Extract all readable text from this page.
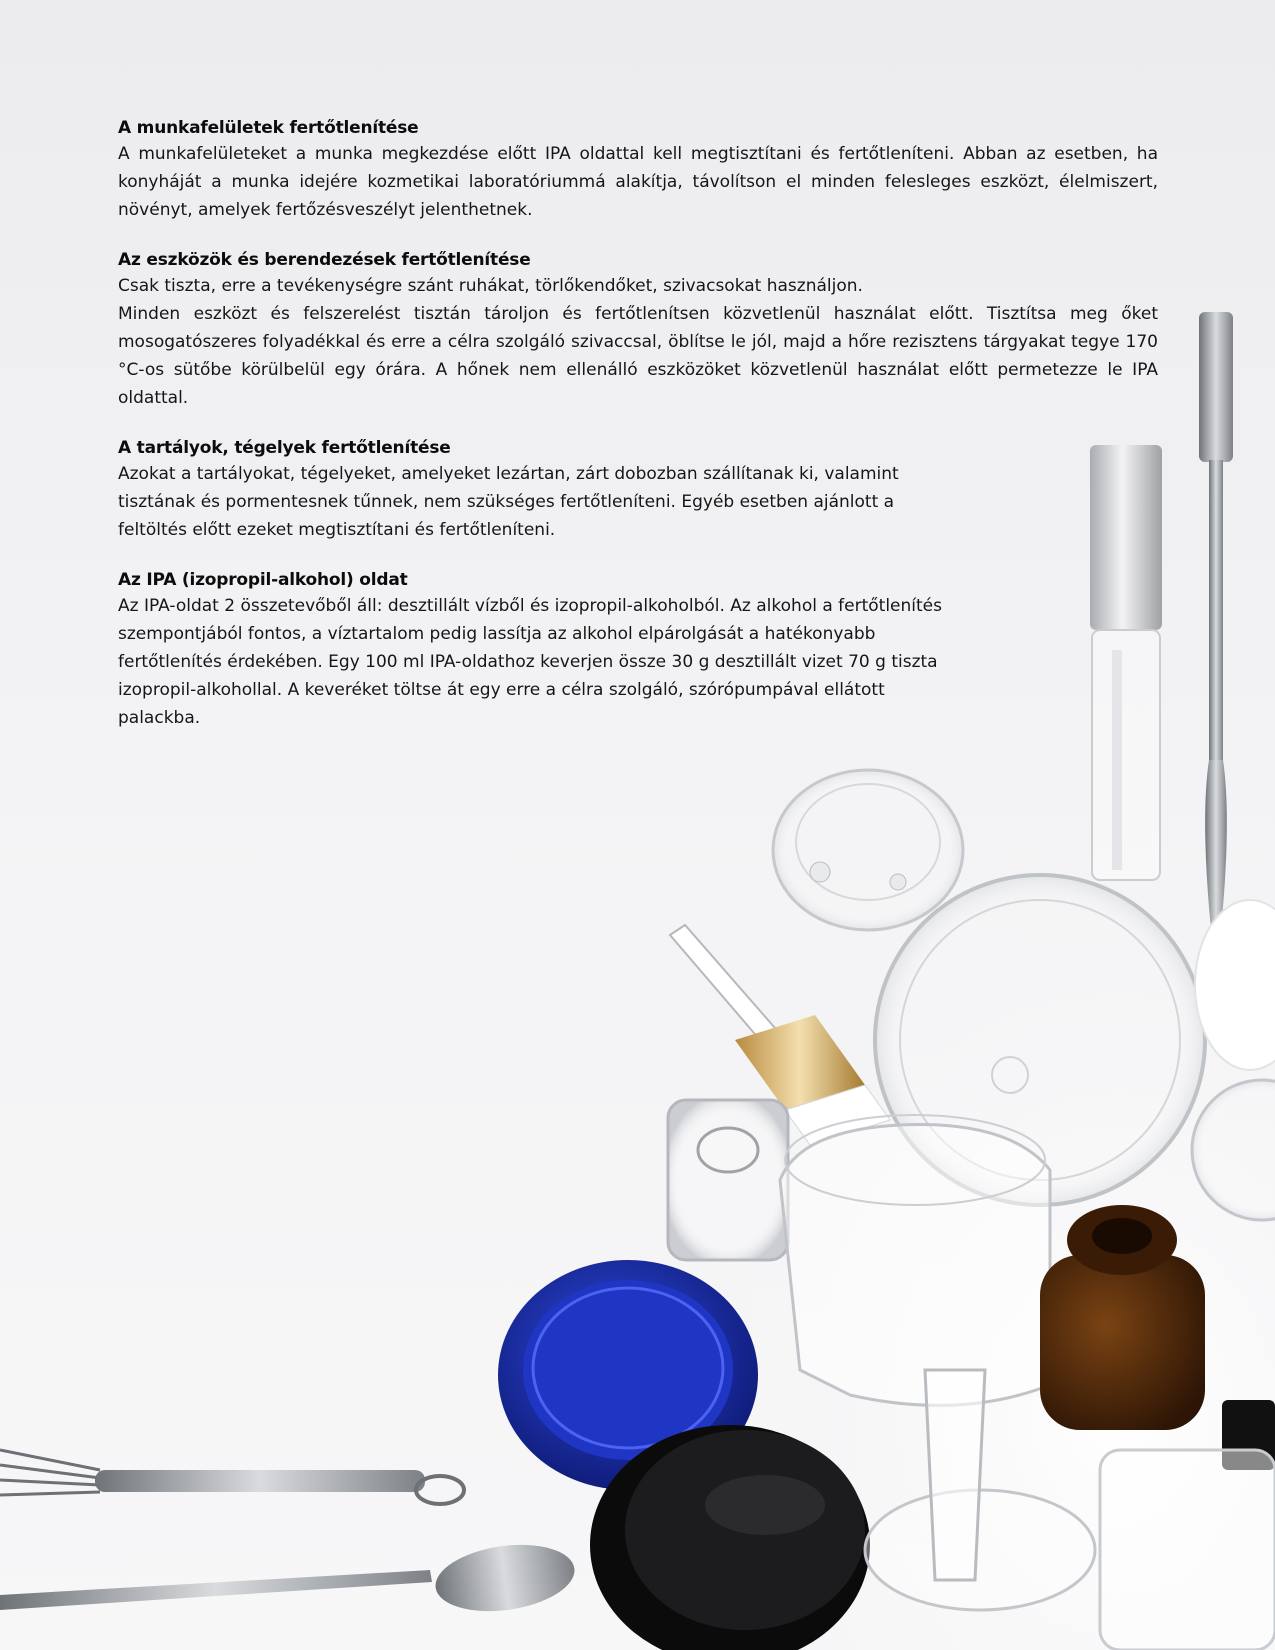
A munkafelületek fertőtlenítése

A munkafelületeket a munka megkezdése előtt IPA oldattal kell megtisztítani és fertőtleníteni. Abban az esetben, ha konyháját a munka idejére kozmetikai laboratóriummá alakítja, távolítson el minden felesleges eszközt, élelmiszert, növényt, amelyek fertőzésveszélyt jelenthetnek.

Az eszközök és berendezések fertőtlenítése

Csak tiszta, erre a tevékenységre szánt ruhákat, törlőkendőket, szivacsokat használjon.

Minden eszközt és felszerelést tisztán tároljon és fertőtlenítsen közvetlenül használat előtt. Tisztítsa meg őket mosogatószeres folyadékkal és erre a célra szolgáló szivaccsal, öblítse le jól, majd a hőre rezisztens tárgyakat tegye 170 °C-os sütőbe körülbelül egy órára. A hőnek nem ellenálló eszközöket közvetlenül használat előtt permetezze le IPA oldattal.

A tartályok, tégelyek fertőtlenítése

Azokat a tartályokat, tégelyeket, amelyeket lezártan, zárt dobozban szállítanak ki, valamint tisztának és pormentesnek tűnnek, nem szükséges fertőtleníteni. Egyéb esetben ajánlott a feltöltés előtt ezeket megtisztítani és fertőtleníteni.

Az IPA (izopropil-alkohol) oldat

Az IPA-oldat 2 összetevőből áll: desztillált vízből és izopropil-alkoholból. Az alkohol a fertőtlenítés szempontjából fontos, a víztartalom pedig lassítja az alkohol elpárolgását a hatékonyabb fertőtlenítés érdekében. Egy 100 ml IPA-oldathoz keverjen össze 30 g desztillált vizet 70 g tiszta izopropil-alkohollal. A keveréket töltse át egy erre a célra szolgáló, szórópumpával ellátott palackba.
